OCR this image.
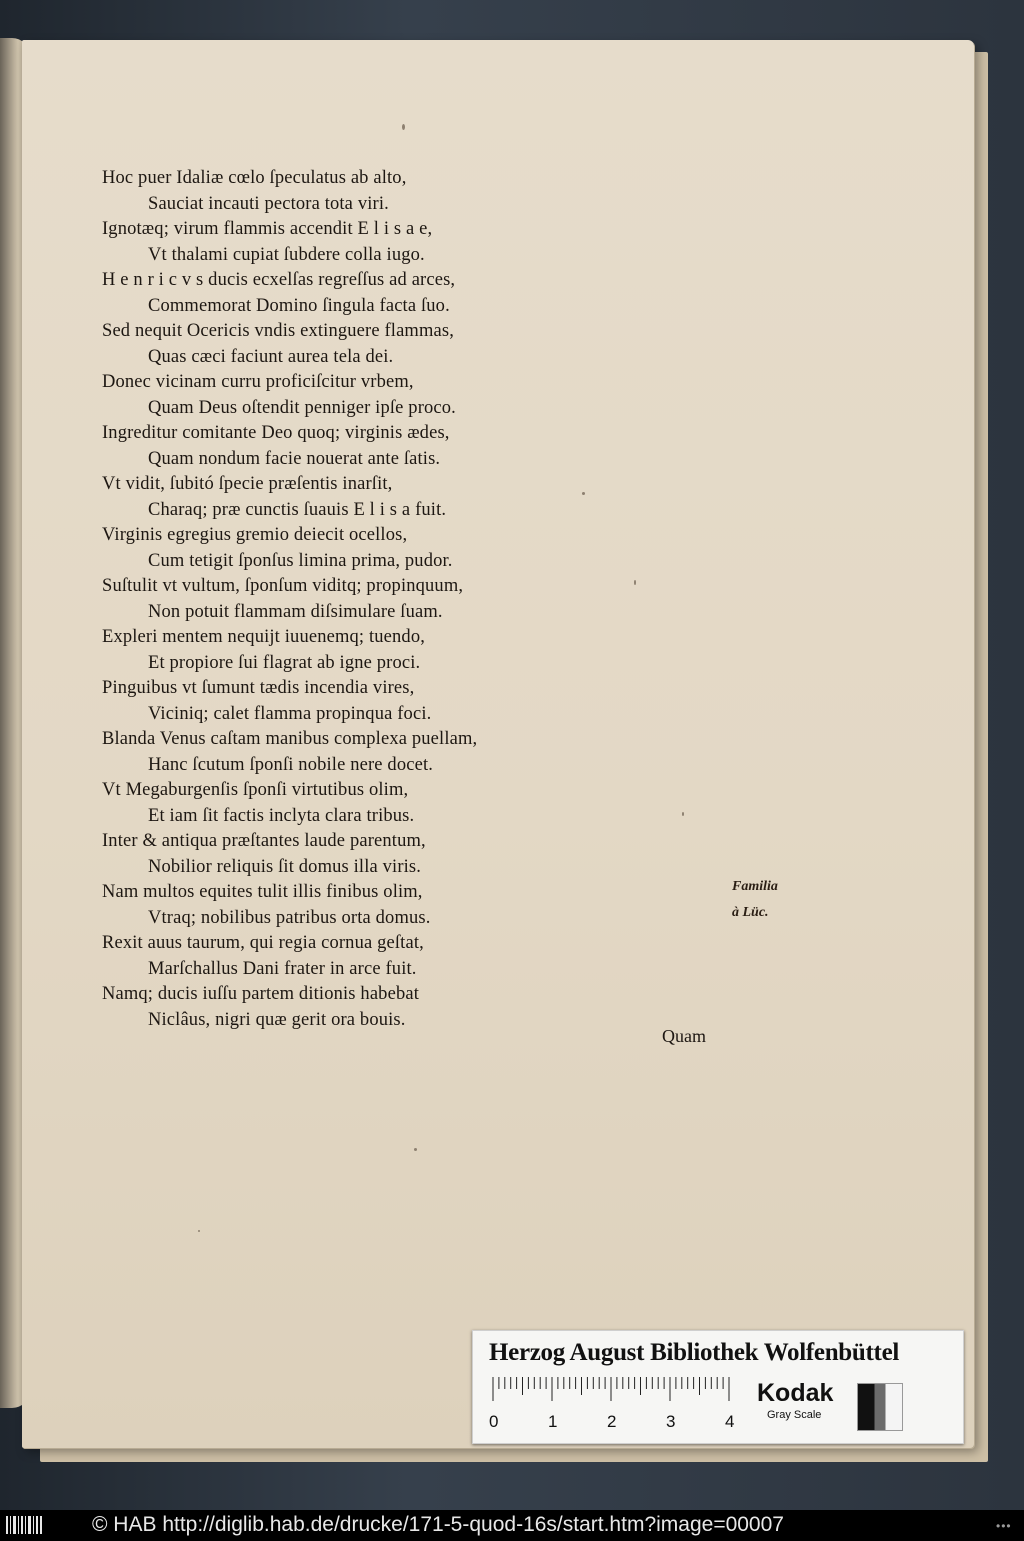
Hoc puer Idaliæ cœlo ſpeculatus ab alto,
Sauciat incauti pectora tota viri.
Ignotæq; virum flammis accendit E l i s a e,
Vt thalami cupiat ſubdere colla iugo.
H e n r i c v s ducis ecxelſas regreſſus ad arces,
Commemorat Domino ſingula facta ſuo.
Sed nequit Ocericis vndis extinguere flammas,
Quas cæci faciunt aurea tela dei.
Donec vicinam curru proficiſcitur vrbem,
Quam Deus oſtendit penniger ipſe proco.
Ingreditur comitante Deo quoq; virginis ædes,
Quam nondum facie nouerat ante ſatis.
Vt vidit, ſubitó ſpecie præſentis inarſit,
Charaq; præ cunctis ſuauis E l i s a fuit.
Virginis egregius gremio deiecit ocellos,
Cum tetigit ſponſus limina prima, pudor.
Suſtulit vt vultum, ſponſum viditq; propinquum,
Non potuit flammam diſsimulare ſuam.
Expleri mentem nequijt iuuenemq; tuendo,
Et propiore ſui flagrat ab igne proci.
Pinguibus vt ſumunt tædis incendia vires,
Viciniq; calet flamma propinqua foci.
Blanda Venus caſtam manibus complexa puellam,
Hanc ſcutum ſponſi nobile nere docet.
Vt Megaburgenſis ſponſi virtutibus olim,
Et iam ſit factis inclyta clara tribus.
Inter & antiqua præſtantes laude parentum,
Nobilior reliquis ſit domus illa viris.
Nam multos equites tulit illis finibus olim,
Vtraq; nobilibus patribus orta domus.
Rexit auus taurum, qui regia cornua geſtat,
Marſchallus Dani frater in arce fuit.
Namq; ducis iuſſu partem ditionis habebat
Niclâus, nigri quæ gerit ora bouis.
Familia
à Lüc.
Quam
Herzog August Bibliothek Wolfenbüttel
0	1	2	3	4
Kodak
Gray Scale
© HAB http://diglib.hab.de/drucke/171-5-quod-16s/start.htm?image=00007	•••
